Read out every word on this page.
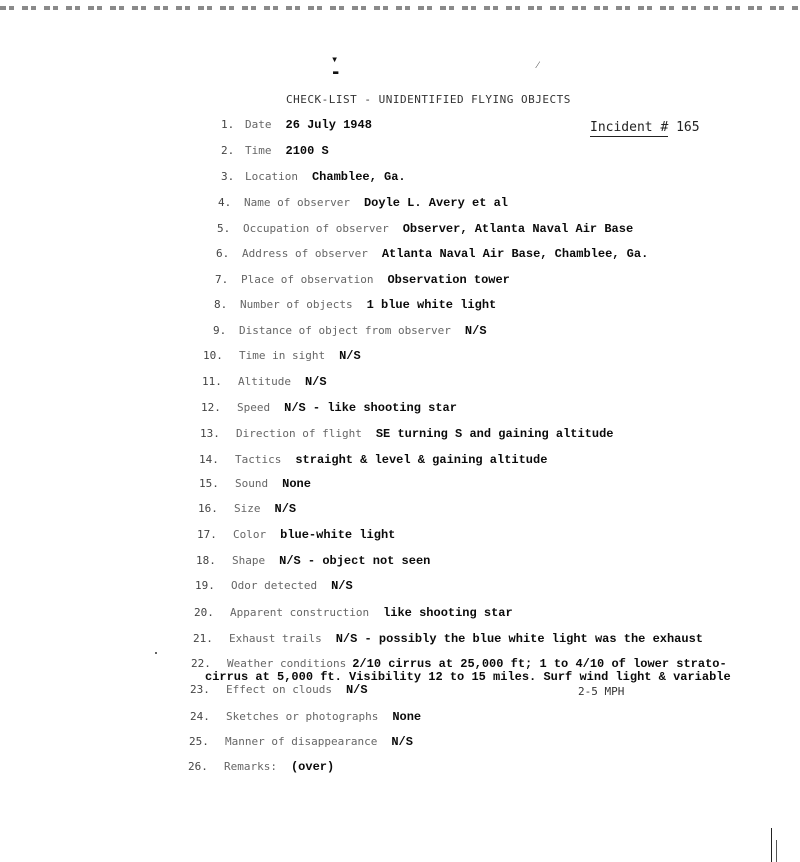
▾
▬
⁄
CHECK-LIST - UNIDENTIFIED FLYING OBJECTS
Incident # 165
1. Date 26 July 1948
2. Time 2100 S
3. Location Chamblee, Ga.
4. Name of observer Doyle L. Avery et al
5. Occupation of observer Observer, Atlanta Naval Air Base
6. Address of observer Atlanta Naval Air Base, Chamblee, Ga.
7. Place of observation Observation tower
8. Number of objects 1 blue white light
9. Distance of object from observer N/S
10. Time in sight N/S
11. Altitude N/S
12. Speed N/S - like shooting star
13. Direction of flight SE turning S and gaining altitude
14. Tactics straight & level & gaining altitude
15. Sound None
16. Size N/S
17. Color blue-white light
18. Shape N/S - object not seen
19. Odor detected N/S
20. Apparent construction like shooting star
21. Exhaust trails N/S - possibly the blue white light was the exhaust
22. Weather conditions 2/10 cirrus at 25,000 ft; 1 to 4/10 of lower strato-
cirrus at 5,000 ft. Visibility 12 to 15 miles. Surf wind light & variable
23. Effect on clouds N/S	2-5 MPH
24. Sketches or photographs None
25. Manner of disappearance N/S
26. Remarks: (over)
